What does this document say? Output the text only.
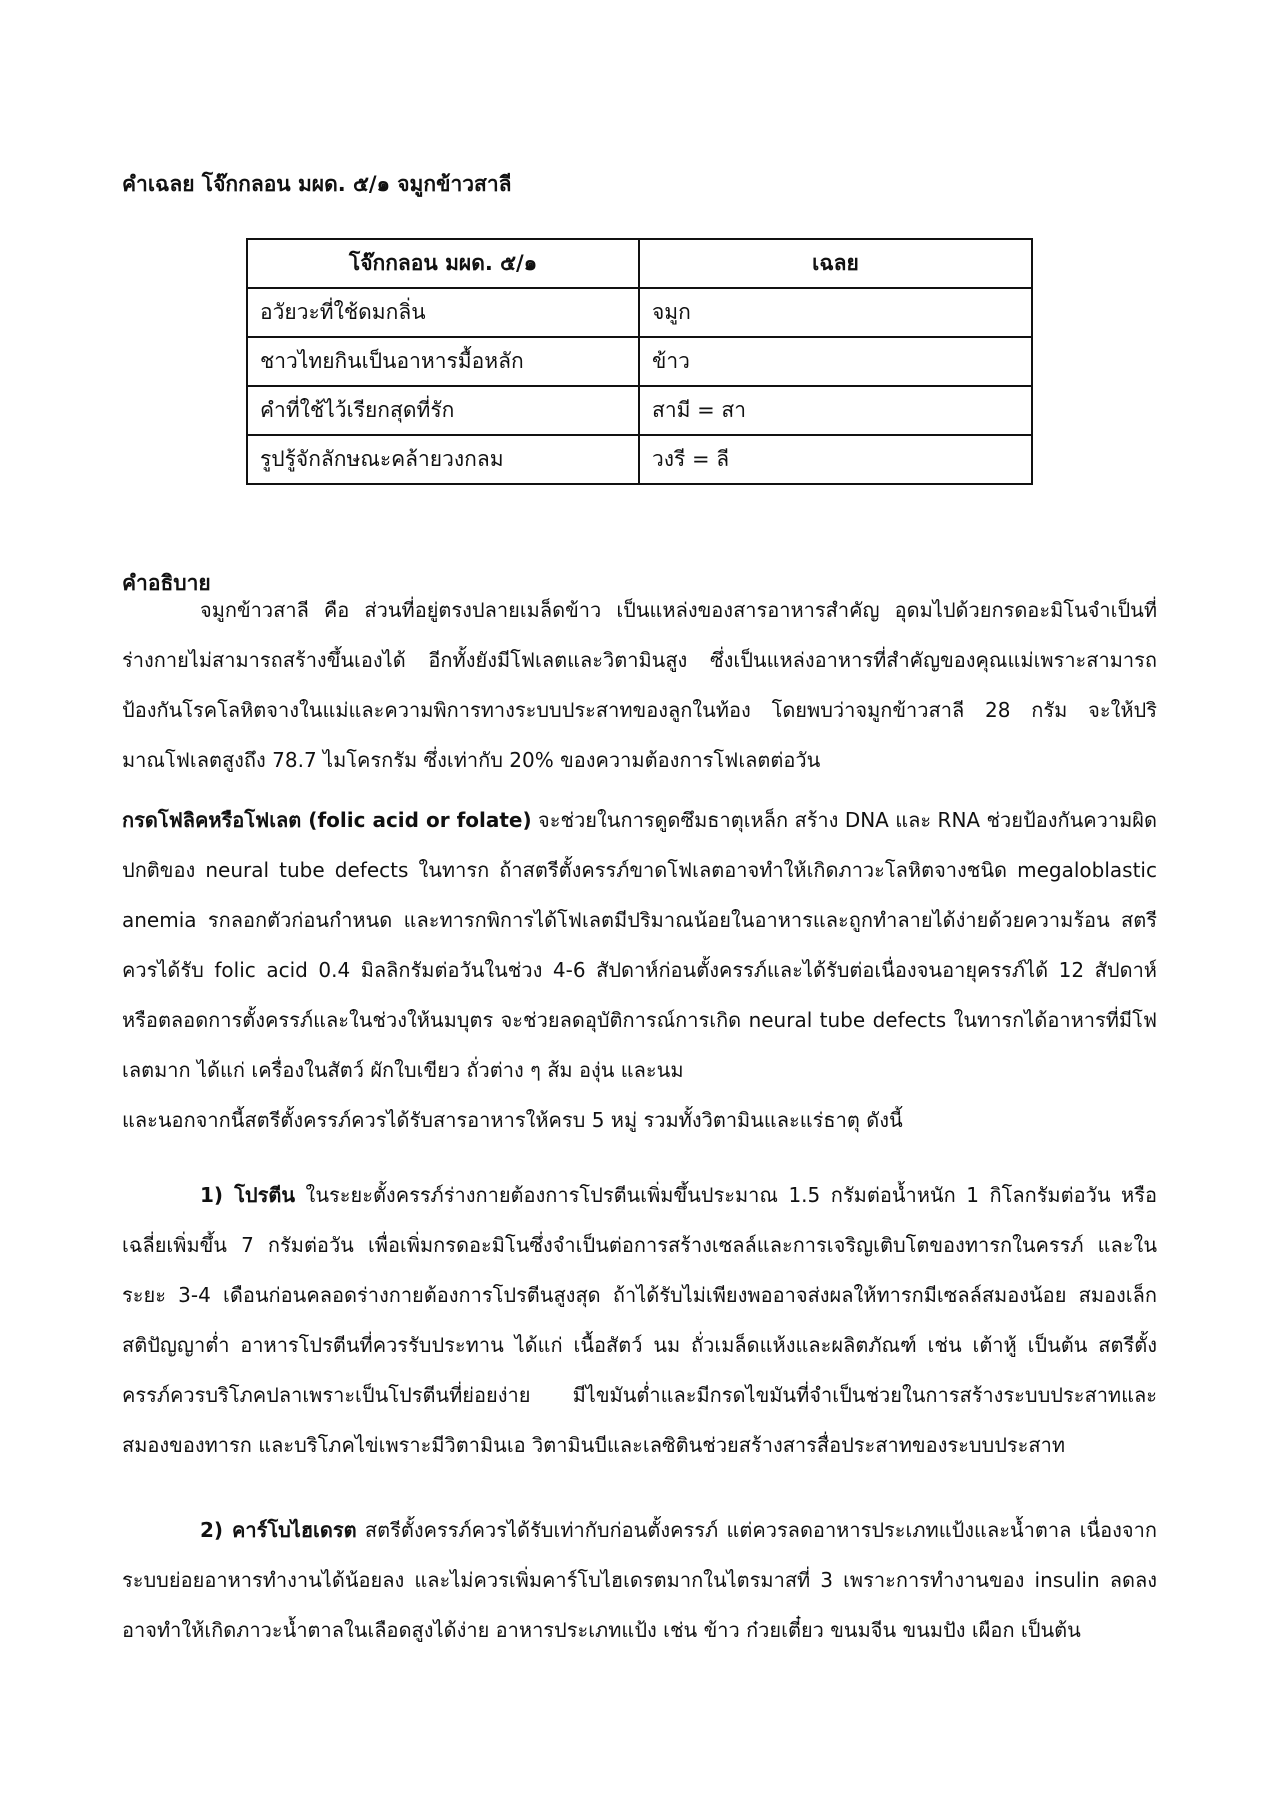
คำเฉลย โจ๊กกลอน มผด. ๕/๑ จมูกข้าวสาลี
โจ๊กกลอน มผด. ๕/๑	เฉลย
อวัยวะที่ใช้ดมกลิ่น	จมูก
ชาวไทยกินเป็นอาหารมื้อหลัก	ข้าว
คำที่ใช้ไว้เรียกสุดที่รัก	สามี = สา
รูปรู้จักลักษณะคล้ายวงกลม	วงรี = ลี
คำอธิบาย

จมูกข้าวสาลี คือ ส่วนที่อยู่ตรงปลายเมล็ดข้าว เป็นแหล่งของสารอาหารสำคัญ อุดมไปด้วยกรดอะมิโนจำเป็นที่ร่างกายไม่สามารถสร้างขึ้นเองได้ อีกทั้งยังมีโฟเลตและวิตามินสูง ซึ่งเป็นแหล่งอาหารที่สำคัญของคุณแม่เพราะสามารถป้องกันโรคโลหิตจางในแม่และความพิการทางระบบประสาทของลูกในท้อง โดยพบว่าจมูกข้าวสาลี 28 กรัม จะให้ปริมาณโฟเลตสูงถึง 78.7 ไมโครกรัม ซึ่งเท่ากับ 20% ของความต้องการโฟเลตต่อวัน

กรดโฟลิคหรือโฟเลต (folic acid or folate) จะช่วยในการดูดซึมธาตุเหล็ก สร้าง DNA และ RNA ช่วยป้องกันความผิดปกติของ neural tube defects ในทารก ถ้าสตรีตั้งครรภ์ขาดโฟเลตอาจทำให้เกิดภาวะโลหิตจางชนิด megaloblastic anemia รกลอกตัวก่อนกำหนด และทารกพิการได้โฟเลตมีปริมาณน้อยในอาหารและถูกทำลายได้ง่ายด้วยความร้อน สตรีควรได้รับ folic acid 0.4 มิลลิกรัมต่อวันในช่วง 4-6 สัปดาห์ก่อนตั้งครรภ์และได้รับต่อเนื่องจนอายุครรภ์ได้ 12 สัปดาห์หรือตลอดการตั้งครรภ์และในช่วงให้นมบุตร จะช่วยลดอุบัติการณ์การเกิด neural tube defects ในทารกได้อาหารที่มีโฟเลตมาก ได้แก่ เครื่องในสัตว์ ผักใบเขียว ถั่วต่าง ๆ ส้ม องุ่น และนม

และนอกจากนี้สตรีตั้งครรภ์ควรได้รับสารอาหารให้ครบ 5 หมู่ รวมทั้งวิตามินและแร่ธาตุ ดังนี้

1) โปรตีน ในระยะตั้งครรภ์ร่างกายต้องการโปรตีนเพิ่มขึ้นประมาณ 1.5 กรัมต่อน้ำหนัก 1 กิโลกรัมต่อวัน หรือเฉลี่ยเพิ่มขึ้น 7 กรัมต่อวัน เพื่อเพิ่มกรดอะมิโนซึ่งจำเป็นต่อการสร้างเซลล์และการเจริญเติบโตของทารกในครรภ์ และในระยะ 3-4 เดือนก่อนคลอดร่างกายต้องการโปรตีนสูงสุด ถ้าได้รับไม่เพียงพออาจส่งผลให้ทารกมีเซลล์สมองน้อย สมองเล็ก สติปัญญาต่ำ อาหารโปรตีนที่ควรรับประทาน ได้แก่ เนื้อสัตว์ นม ถั่วเมล็ดแห้งและผลิตภัณฑ์ เช่น เต้าหู้ เป็นต้น สตรีตั้งครรภ์ควรบริโภคปลาเพราะเป็นโปรตีนที่ย่อยง่าย มีไขมันต่ำและมีกรดไขมันที่จำเป็นช่วยในการสร้างระบบประสาทและสมองของทารก และบริโภคไข่เพราะมีวิตามินเอ วิตามินบีและเลซิตินช่วยสร้างสารสื่อประสาทของระบบประสาท

2) คาร์โบไฮเดรต สตรีตั้งครรภ์ควรได้รับเท่ากับก่อนตั้งครรภ์ แต่ควรลดอาหารประเภทแป้งและน้ำตาล เนื่องจากระบบย่อยอาหารทำงานได้น้อยลง และไม่ควรเพิ่มคาร์โบไฮเดรตมากในไตรมาสที่ 3 เพราะการทำงานของ insulin ลดลง อาจทำให้เกิดภาวะน้ำตาลในเลือดสูงได้ง่าย อาหารประเภทแป้ง เช่น ข้าว ก๋วยเตี๋ยว ขนมจีน ขนมปัง เผือก เป็นต้น
